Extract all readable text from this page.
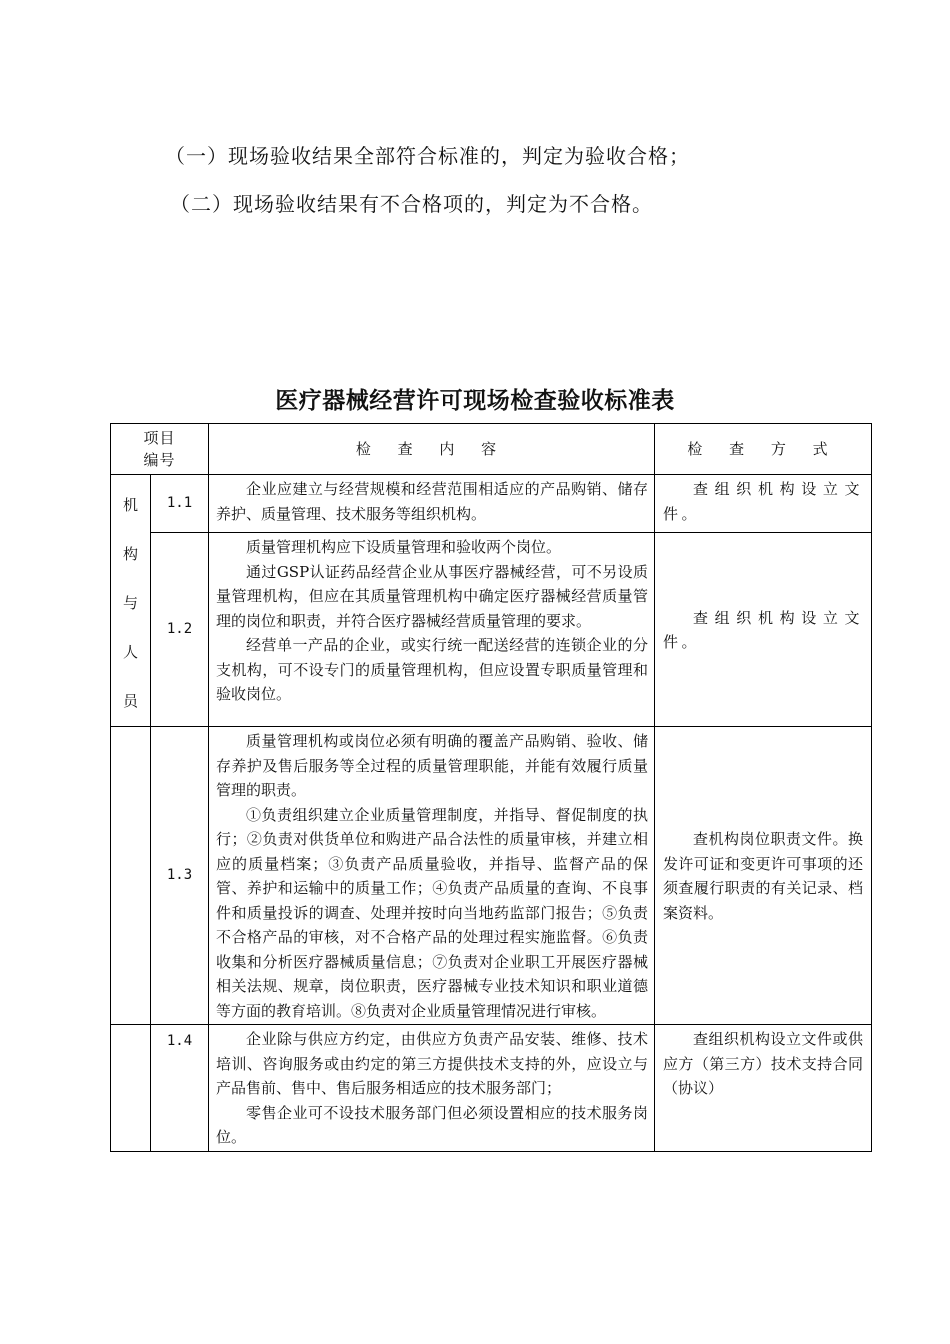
（一）现场验收结果全部符合标准的，判定为验收合格；
（二）现场验收结果有不合格项的，判定为不合格。
医疗器械经营许可现场检查验收标准表
项目
编号		检 查 内 容	检 查 方 式

机
构
与
人
员	1.1	企业应建立与经营规模和经营范围相适应的产品购销、储存养护、质量管理、技术服务等组织机构。	查组织机构设立文件。

	1.2	质量管理机构应下设质量管理和验收两个岗位。

通过GSP认证药品经营企业从事医疗器械经营，可不另设质量管理机构，但应在其质量管理机构中确定医疗器械经营质量管理的岗位和职责，并符合医疗器械经营质量管理的要求。

经营单一产品的企业，或实行统一配送经营的连锁企业的分支机构，可不设专门的质量管理机构，但应设置专职质量管理和验收岗位。	查组织机构设立文件。

	1.3	质量管理机构或岗位必须有明确的覆盖产品购销、验收、储存养护及售后服务等全过程的质量管理职能，并能有效履行质量管理的职责。

①负责组织建立企业质量管理制度，并指导、督促制度的执行；②负责对供货单位和购进产品合法性的质量审核，并建立相应的质量档案；③负责产品质量验收，并指导、监督产品的保管、养护和运输中的质量工作；④负责产品质量的查询、不良事件和质量投诉的调查、处理并按时向当地药监部门报告；⑤负责不合格产品的审核，对不合格产品的处理过程实施监督。⑥负责收集和分析医疗器械质量信息；⑦负责对企业职工开展医疗器械相关法规、规章，岗位职责，医疗器械专业技术知识和职业道德等方面的教育培训。⑧负责对企业质量管理情况进行审核。	查机构岗位职责文件。换发许可证和变更许可事项的还须查履行职责的有关记录、档案资料。

	1.4	企业除与供应方约定，由供应方负责产品安装、维修、技术培训、咨询服务或由约定的第三方提供技术支持的外，应设立与产品售前、售中、售后服务相适应的技术服务部门；

零售企业可不设技术服务部门但必须设置相应的技术服务岗位。	查组织机构设立文件或供应方（第三方）技术支持合同（协议）
